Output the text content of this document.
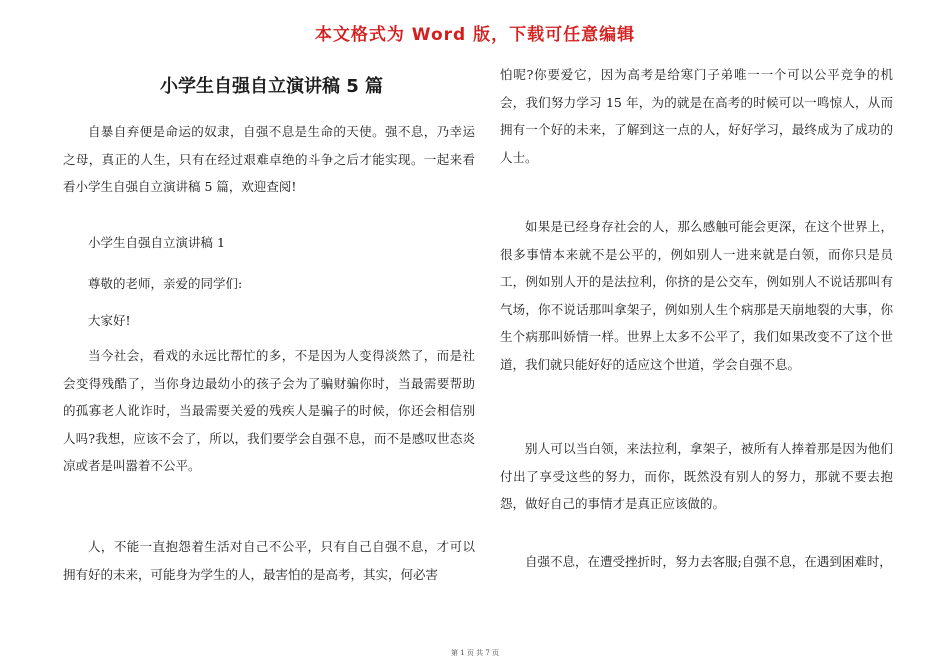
本文格式为 Word 版，下载可任意编辑
小学生自强自立演讲稿 5 篇

自暴自弃便是命运的奴隶，自强不息是生命的天使。强不息，乃幸运之母，真正的人生，只有在经过艰难卓绝的斗争之后才能实现。一起来看看小学生自强自立演讲稿 5 篇，欢迎查阅!

小学生自强自立演讲稿 1

尊敬的老师，亲爱的同学们:

大家好!

当今社会，看戏的永远比帮忙的多，不是因为人变得淡然了，而是社会变得残酷了，当你身边最幼小的孩子会为了骗财骗你时，当最需要帮助的孤寡老人讹诈时，当最需要关爱的残疾人是骗子的时候，你还会相信别人吗?我想，应该不会了，所以，我们要学会自强不息，而不是感叹世态炎凉或者是叫嚣着不公平。

人，不能一直抱怨着生活对自己不公平，只有自己自强不息，才可以拥有好的未来，可能身为学生的人，最害怕的是高考，其实，何必害

怕呢?你要爱它，因为高考是给寒门子弟唯一一个可以公平竞争的机会，我们努力学习 15 年，为的就是在高考的时候可以一鸣惊人，从而拥有一个好的未来，了解到这一点的人，好好学习，最终成为了成功的人士。

如果是已经身存社会的人，那么感触可能会更深，在这个世界上，很多事情本来就不是公平的，例如别人一进来就是白领，而你只是员工，例如别人开的是法拉利，你挤的是公交车，例如别人不说话那叫有气场，你不说话那叫拿架子，例如别人生个病那是天崩地裂的大事，你生个病那叫娇情一样。世界上太多不公平了，我们如果改变不了这个世道，我们就只能好好的适应这个世道，学会自强不息。

别人可以当白领，来法拉利，拿架子，被所有人捧着那是因为他们付出了享受这些的努力，而你，既然没有别人的努力，那就不要去抱怨，做好自己的事情才是真正应该做的。

自强不息，在遭受挫折时，努力去客服;自强不息，在遇到困难时，

第 1 页 共 7 页
